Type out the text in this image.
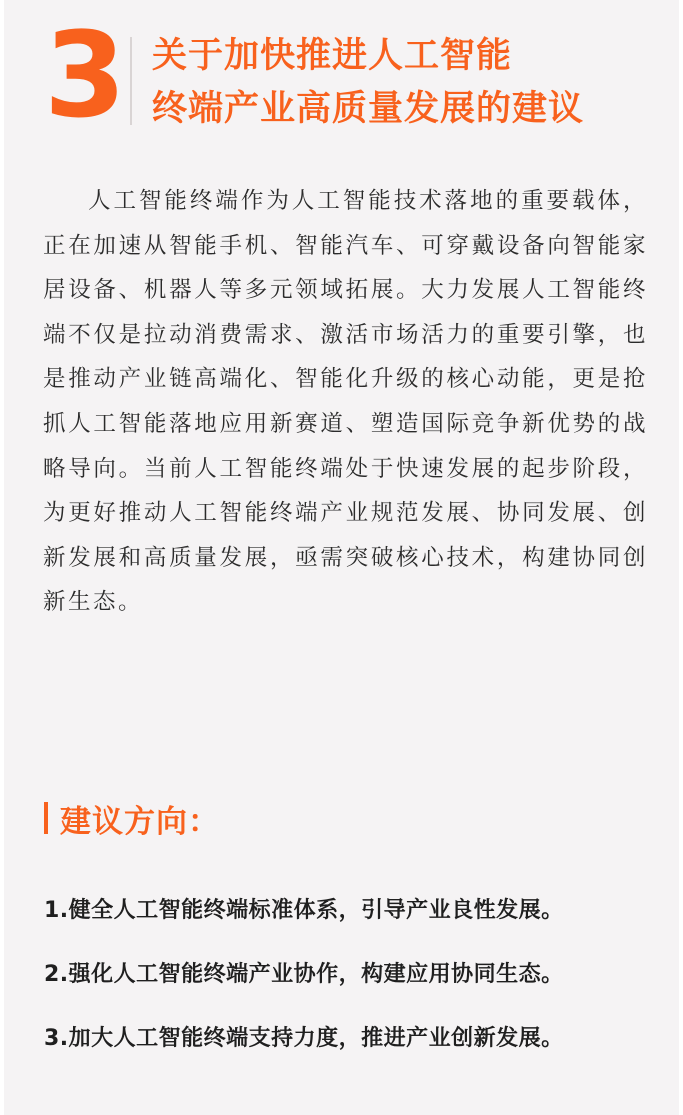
3 关于加快推进人工智能
终端产业高质量发展的建议

人工智能终端作为人工智能技术落地的重要载体，正在加速从智能手机、智能汽车、可穿戴设备向智能家居设备、机器人等多元领域拓展。大力发展人工智能终端不仅是拉动消费需求、激活市场活力的重要引擎，也是推动产业链高端化、智能化升级的核心动能，更是抢抓人工智能落地应用新赛道、塑造国际竞争新优势的战略导向。当前人工智能终端处于快速发展的起步阶段，为更好推动人工智能终端产业规范发展、协同发展、创新发展和高质量发展，亟需突破核心技术，构建协同创新生态。

建议方向：
1.健全人工智能终端标准体系，引导产业良性发展。
2.强化人工智能终端产业协作，构建应用协同生态。
3.加大人工智能终端支持力度，推进产业创新发展。
